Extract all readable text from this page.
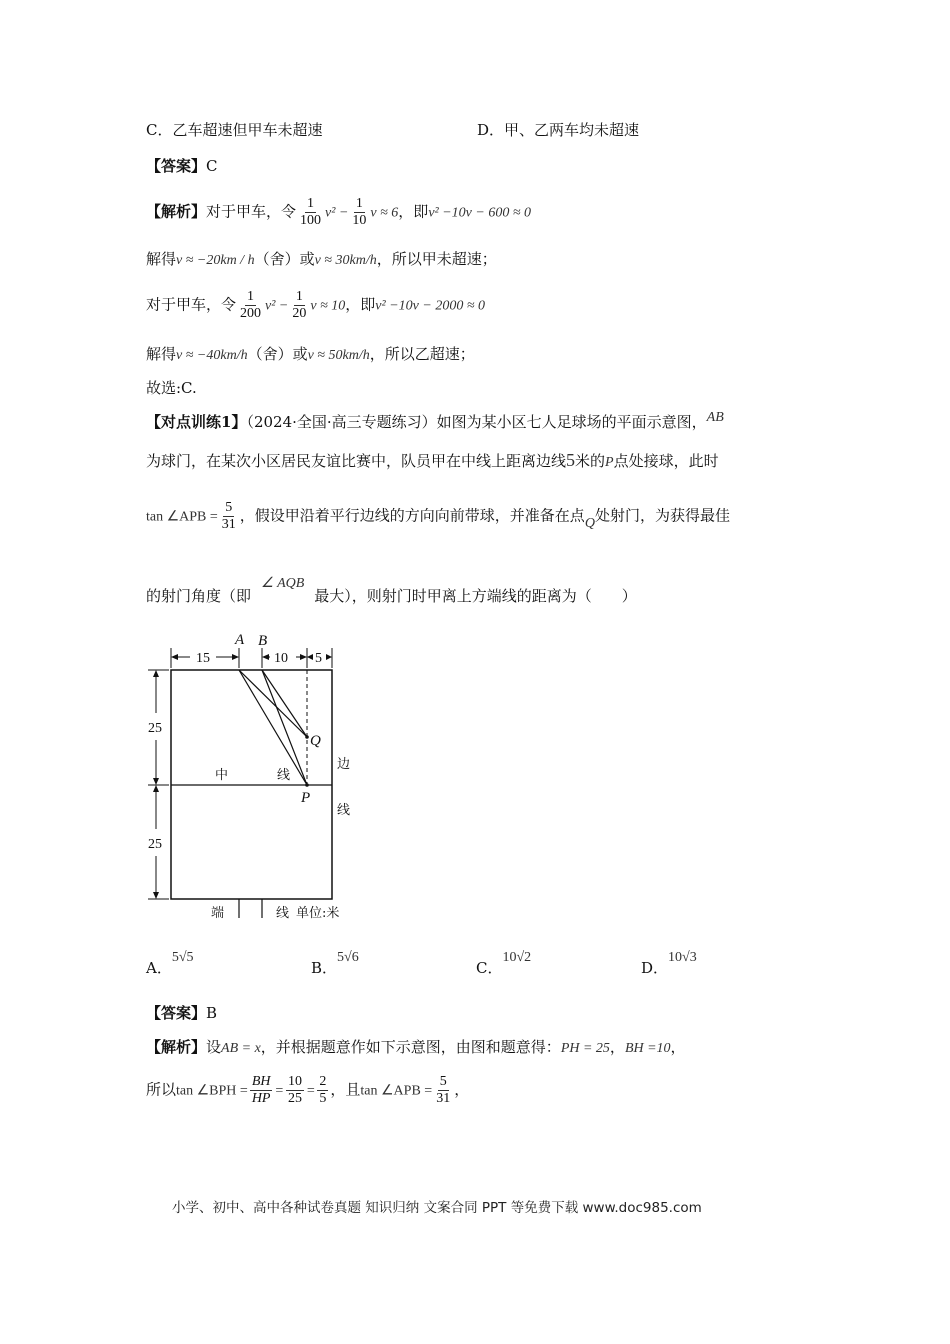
C．乙车超速但甲车未超速	D．甲、乙两车均未超速
【答案】C
【解析】对于甲车，令 $\frac{1}{100} v^2 - \frac{1}{10}$ v ≈ 6，即v² −10v − 600 ≈ 0
解得v ≈ −20km / h（舍）或v ≈ 30km/h，所以甲未超速；
对于甲车，令 $\frac{1}{200} v^2 - \frac{1}{20}$ v ≈ 10，即v² −10v − 2000 ≈ 0
解得v ≈ −40km/h（舍）或v ≈ 50km/h，所以乙超速；
故选:C.
【对点训练1】（2024·全国·高三专题练习）如图为某小区七人足球场的平面示意图，AB
为球门，在某次小区居民友谊比赛中，队员甲在中线上距离边线5米的P点处接球，此时
tan ∠APB = $\frac{5}{31}$ ，假设甲沿着平行边线的方向向前带球，并准备在点Q处射门，为获得最佳
的射门角度（即∠ AQB最大），则射门时甲离上方端线的距离为（　　）
A B
15	10 5
25
25
Q
P
中	线
边
线
端	线 单位:米
A．5√5
B．5√6
C．10√2
D．10√3
【答案】B
【解析】设AB = x，并根据题意作如下示意图，由图和题意得：PH = 25，BH =10，
所以tan ∠BPH = $\frac{BH}{HP} = \frac{10}{25} = \frac{2}{5}$ ，且tan ∠APB = $\frac{5}{31}$ ，
小学、初中、高中各种试卷真题 知识归纳 文案合同 PPT 等免费下载 www.doc985.com
